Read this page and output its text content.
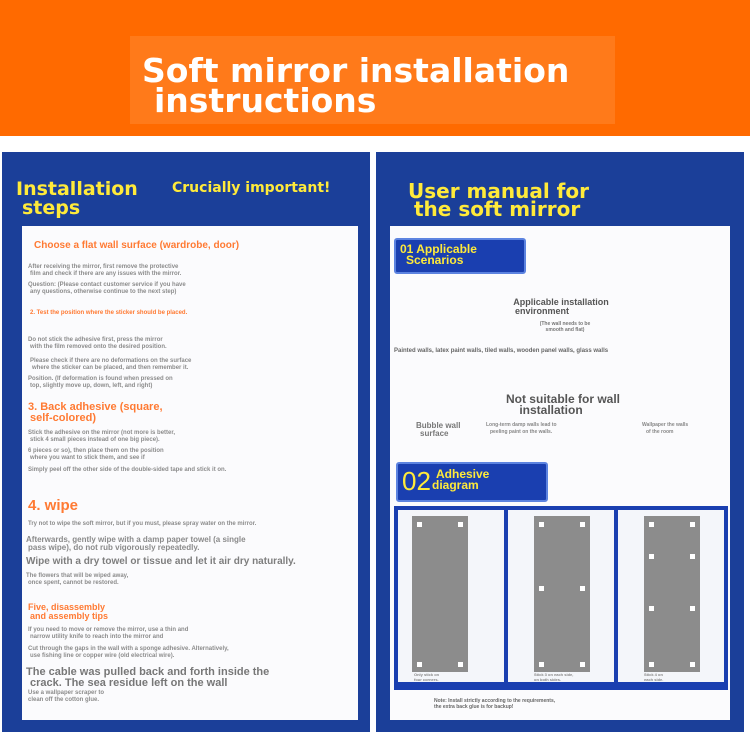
Soft mirror installation
instructions
Installation
steps
Crucially important!
Choose a flat wall surface (wardrobe, door)
After receiving the mirror, first remove the protective
film and check if there are any issues with the mirror.
Question: (Please contact customer service if you have
any questions, otherwise continue to the next step)
2. Test the position where the sticker should be placed.
Do not stick the adhesive first, press the mirror
with the film removed onto the desired position.
Please check if there are no deformations on the surface
where the sticker can be placed, and then remember it.
Position. (If deformation is found when pressed on
top, slightly move up, down, left, and right)
3. Back adhesive (square,
self-colored)
Stick the adhesive on the mirror (not more is better,
stick 4 small pieces instead of one big piece).
6 pieces or so), then place them on the position
where you want to stick them, and see if
Simply peel off the other side of the double-sided tape and stick it on.
4. wipe
Try not to wipe the soft mirror, but if you must, please spray water on the mirror.
Afterwards, gently wipe with a damp paper towel (a single
pass wipe), do not rub vigorously repeatedly.
Wipe with a dry towel or tissue and let it air dry naturally.
The flowers that will be wiped away,
once spent, cannot be restored.
Five, disassembly
and assembly tips
If you need to move or remove the mirror, use a thin and
narrow utility knife to reach into the mirror and
Cut through the gaps in the wall with a sponge adhesive. Alternatively,
use fishing line or copper wire (old electrical wire).
The cable was pulled back and forth inside the
crack. The sea residue left on the wall
Use a wallpaper scraper to
clean off the cotton glue.
User manual for
the soft mirror
01 Applicable
Scenarios
Applicable installation
environment
(The wall needs to be
smooth and flat)
Painted walls, latex paint walls, tiled walls, wooden panel walls, glass walls
Not suitable for wall
installation
Bubble wall
surface
Long-term damp walls lead to
peeling paint on the walls.
Wallpaper the walls
of the room
02 Adhesive
diagram
Only stick on
four corners.
Stick 3 on each side,
on both sides.
Stick 4 on
each side.
Note: Install strictly according to the requirements,
the extra back glue is for backup!
